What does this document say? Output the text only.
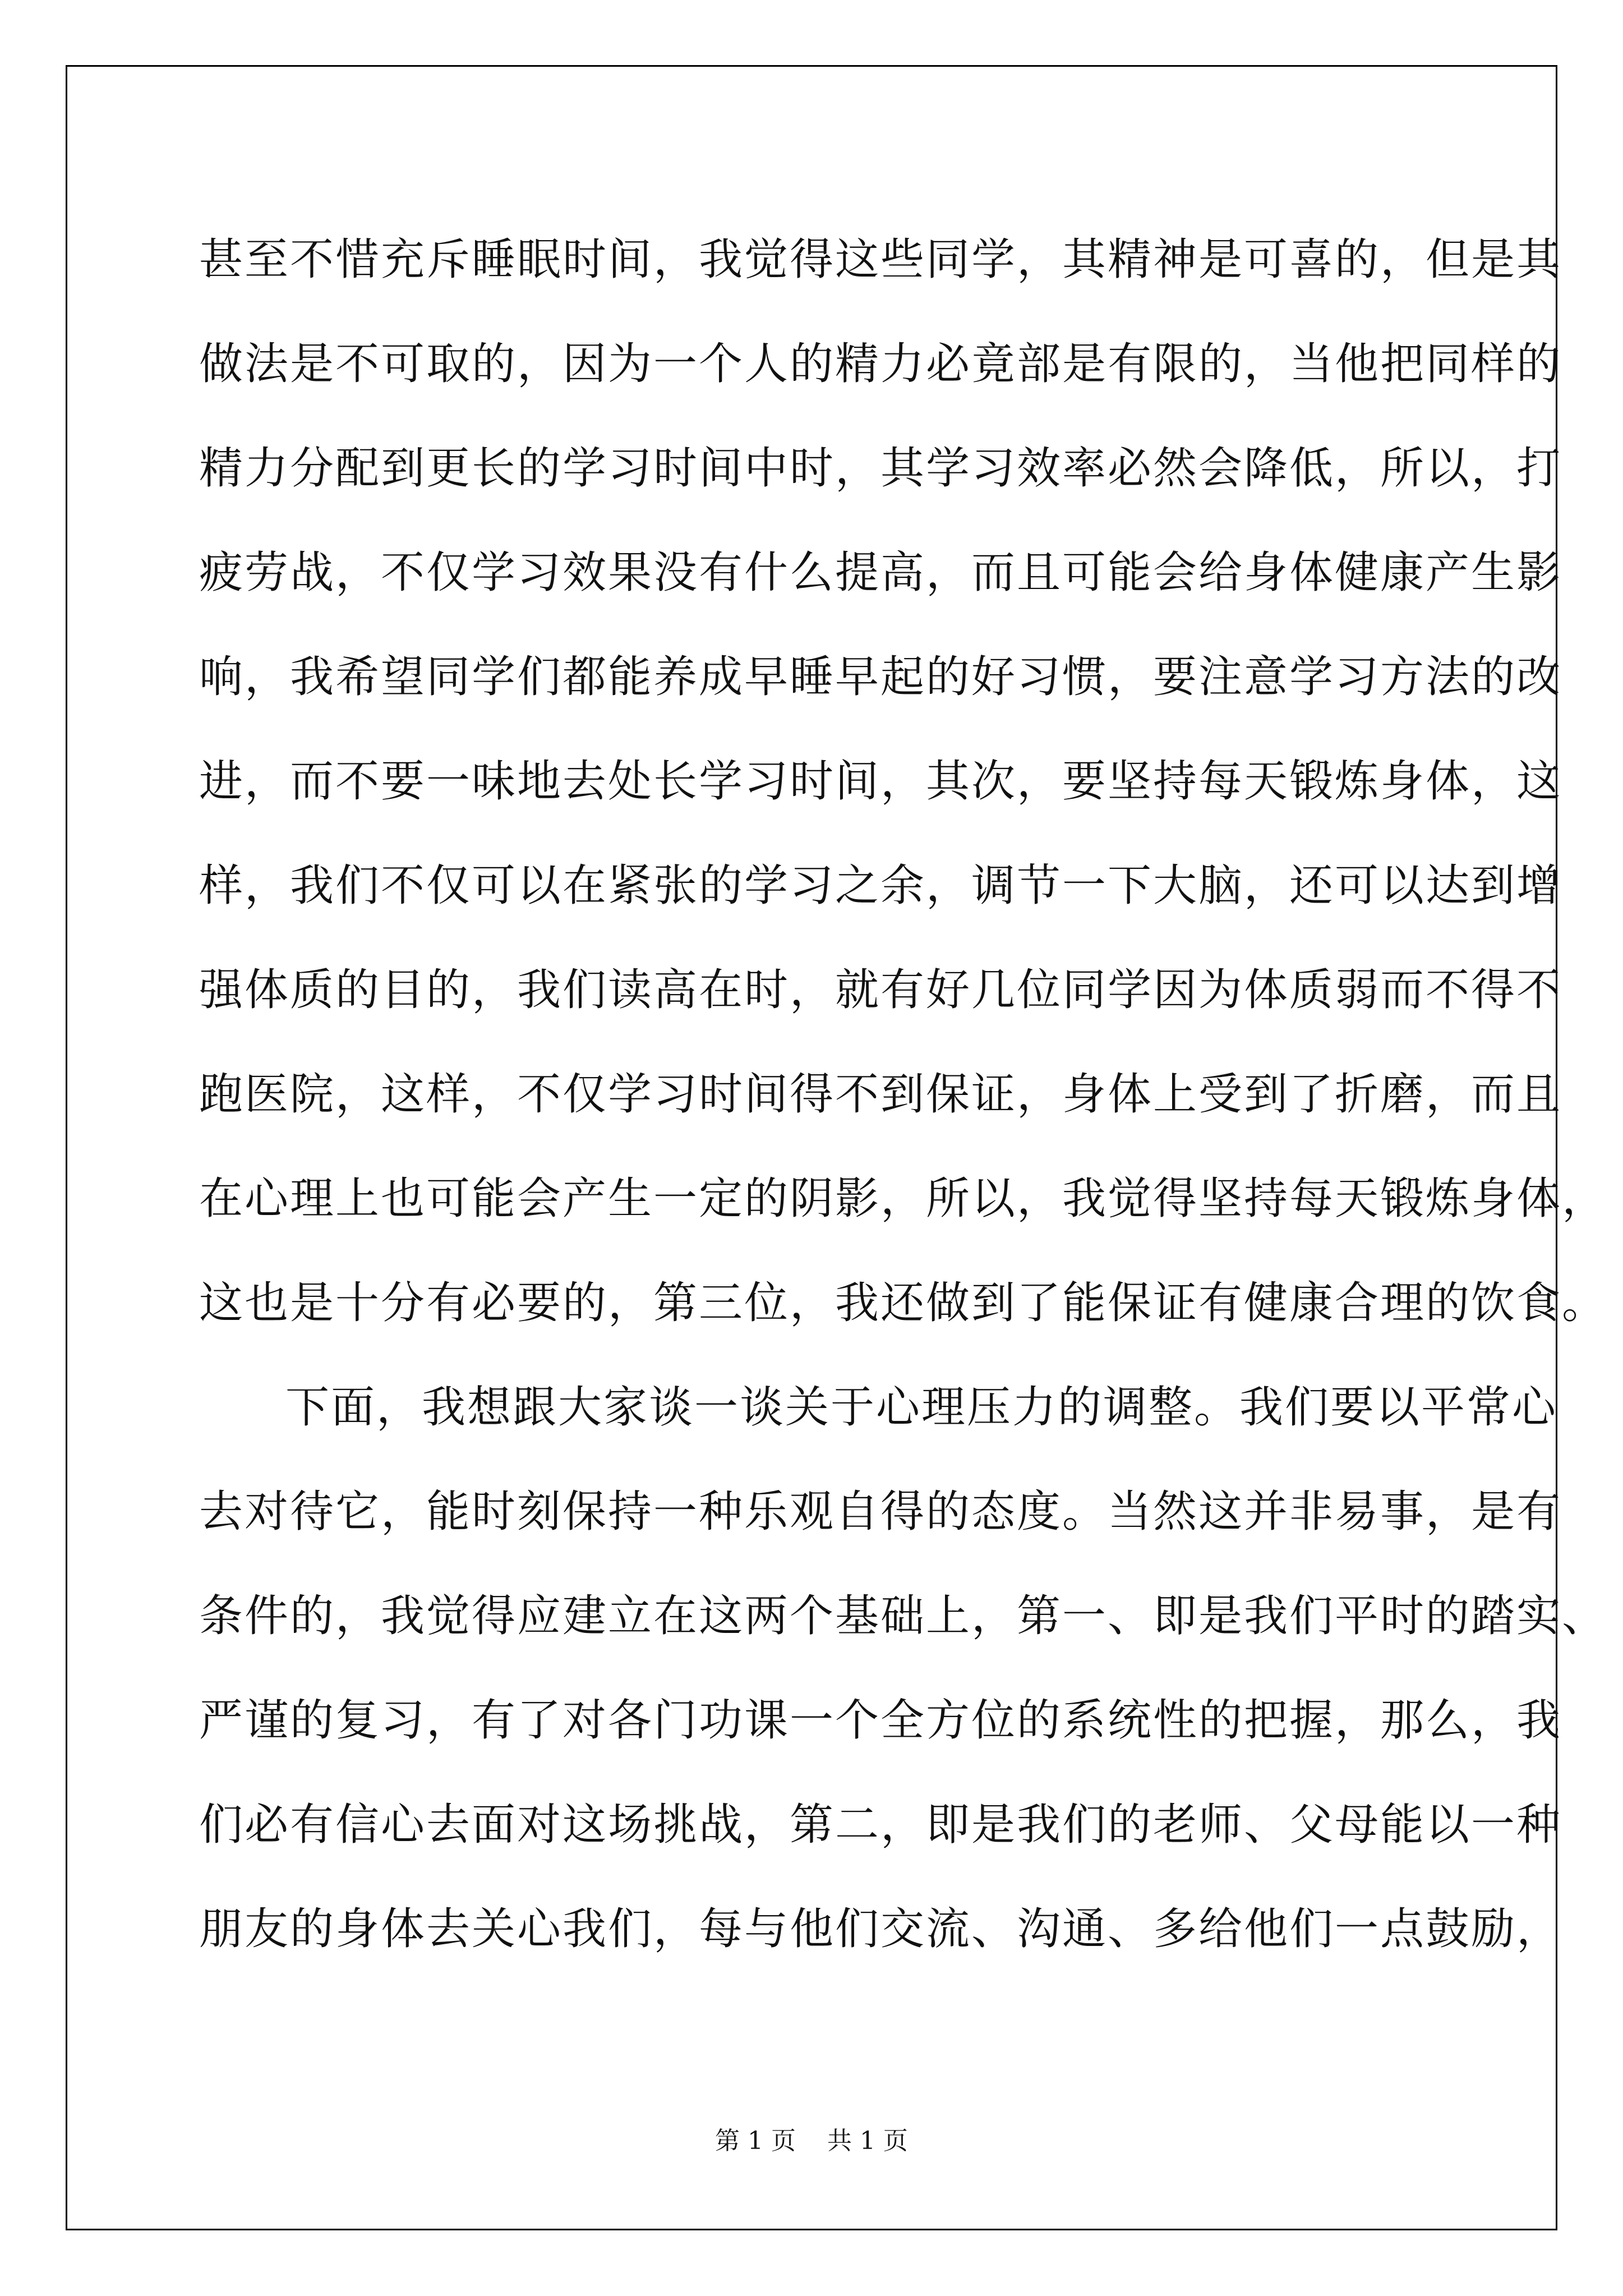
甚至不惜充斥睡眠时间，我觉得这些同学，其精神是可喜的，但是其
做法是不可取的，因为一个人的精力必竟部是有限的，当他把同样的
精力分配到更长的学习时间中时，其学习效率必然会降低，所以，打
疲劳战，不仅学习效果没有什么提高，而且可能会给身体健康产生影
响，我希望同学们都能养成早睡早起的好习惯，要注意学习方法的改
进，而不要一味地去处长学习时间，其次，要坚持每天锻炼身体，这
样，我们不仅可以在紧张的学习之余，调节一下大脑，还可以达到增
强体质的目的，我们读高在时，就有好几位同学因为体质弱而不得不
跑医院，这样，不仅学习时间得不到保证，身体上受到了折磨，而且
在心理上也可能会产生一定的阴影，所以，我觉得坚持每天锻炼身体，
这也是十分有必要的，第三位，我还做到了能保证有健康合理的饮食。
下面，我想跟大家谈一谈关于心理压力的调整。我们要以平常心
去对待它，能时刻保持一种乐观自得的态度。当然这并非易事，是有
条件的，我觉得应建立在这两个基础上，第一、即是我们平时的踏实、
严谨的复习，有了对各门功课一个全方位的系统性的把握，那么，我
们必有信心去面对这场挑战，第二，即是我们的老师、父母能以一种
朋友的身体去关心我们，每与他们交流、沟通、多给他们一点鼓励，
第 1 页    共 1 页
